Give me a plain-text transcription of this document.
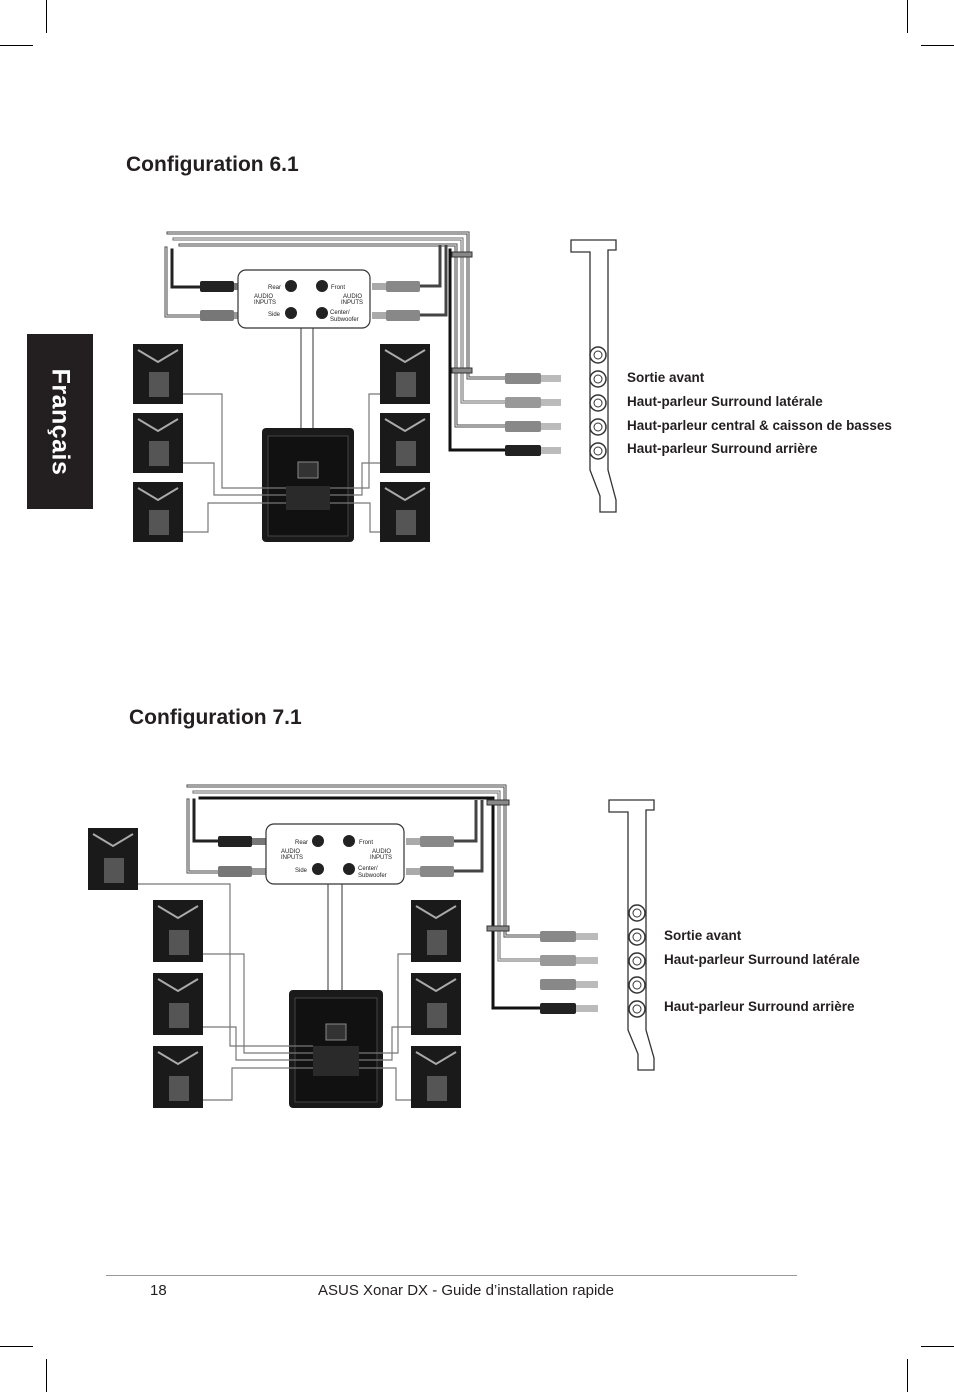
Français
Configuration 6.1
Configuration 7.1
Rear
AUDIO
INPUTS
Side
Front
AUDIO
INPUTS
Center/
Subwoofer
Sortie avant
Haut-parleur Surround latérale
Haut-parleur central & caisson de basses
Haut-parleur Surround arrière
Rear
AUDIO
INPUTS
Side
Front
AUDIO
INPUTS
Center/
Subwoofer
Sortie avant
Haut-parleur Surround latérale
Haut-parleur Surround arrière
18	ASUS Xonar DX - Guide d’installation rapide
